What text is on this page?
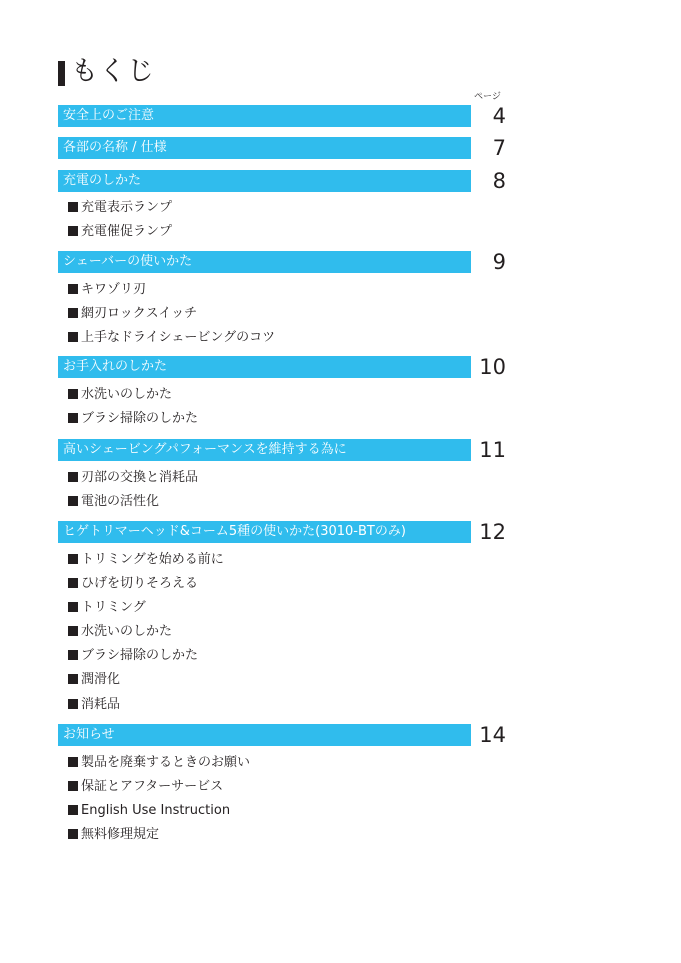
もくじ
ページ
安全上のご注意	4
各部の名称 / 仕様	7
充電のしかた	8
充電表示ランプ
充電催促ランプ
シェーバーの使いかた	9
キワゾリ刃
網刃ロックスイッチ
上手なドライシェービングのコツ
お手入れのしかた	10
水洗いのしかた
ブラシ掃除のしかた
高いシェービングパフォーマンスを維持する為に	11
刃部の交換と消耗品
電池の活性化
ヒゲトリマーヘッド&コーム5種の使いかた(3010-BTのみ)	12
トリミングを始める前に
ひげを切りそろえる
トリミング
水洗いのしかた
ブラシ掃除のしかた
潤滑化
消耗品
お知らせ	14
製品を廃棄するときのお願い
保証とアフターサービス
English Use Instruction
無料修理規定
